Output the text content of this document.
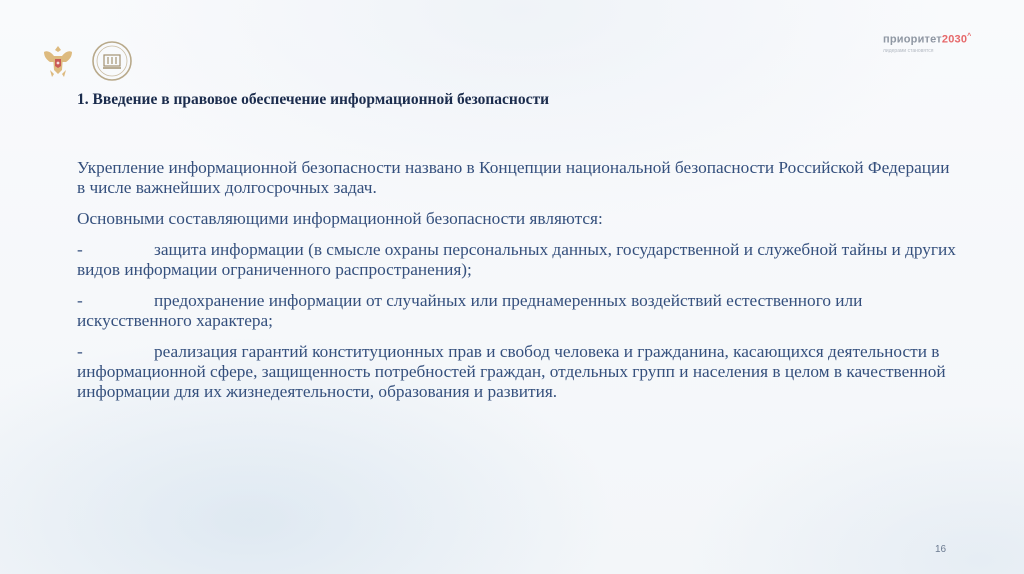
приоритет2030^
лидерами становятся
1. Введение в правовое обеспечение информационной безопасности

Укрепление информационной безопасности названо в Концепции национальной безопасности Российской Федерации в числе важнейших долгосрочных задач.

Основными составляющими информационной безопасности являются:

-	защита информации (в смысле охраны персональных данных, государственной и служебной тайны и других видов информации ограниченного распространения);

-	предохранение информации от случайных или преднамеренных воздействий естественного или искусственного характера;

-	реализация гарантий конституционных прав и свобод человека и гражданина, касающихся деятельности в информационной сфере, защищенность потребностей граждан, отдельных групп и населения в целом в качественной информации для их жизнедеятельности, образования и развития.

16
